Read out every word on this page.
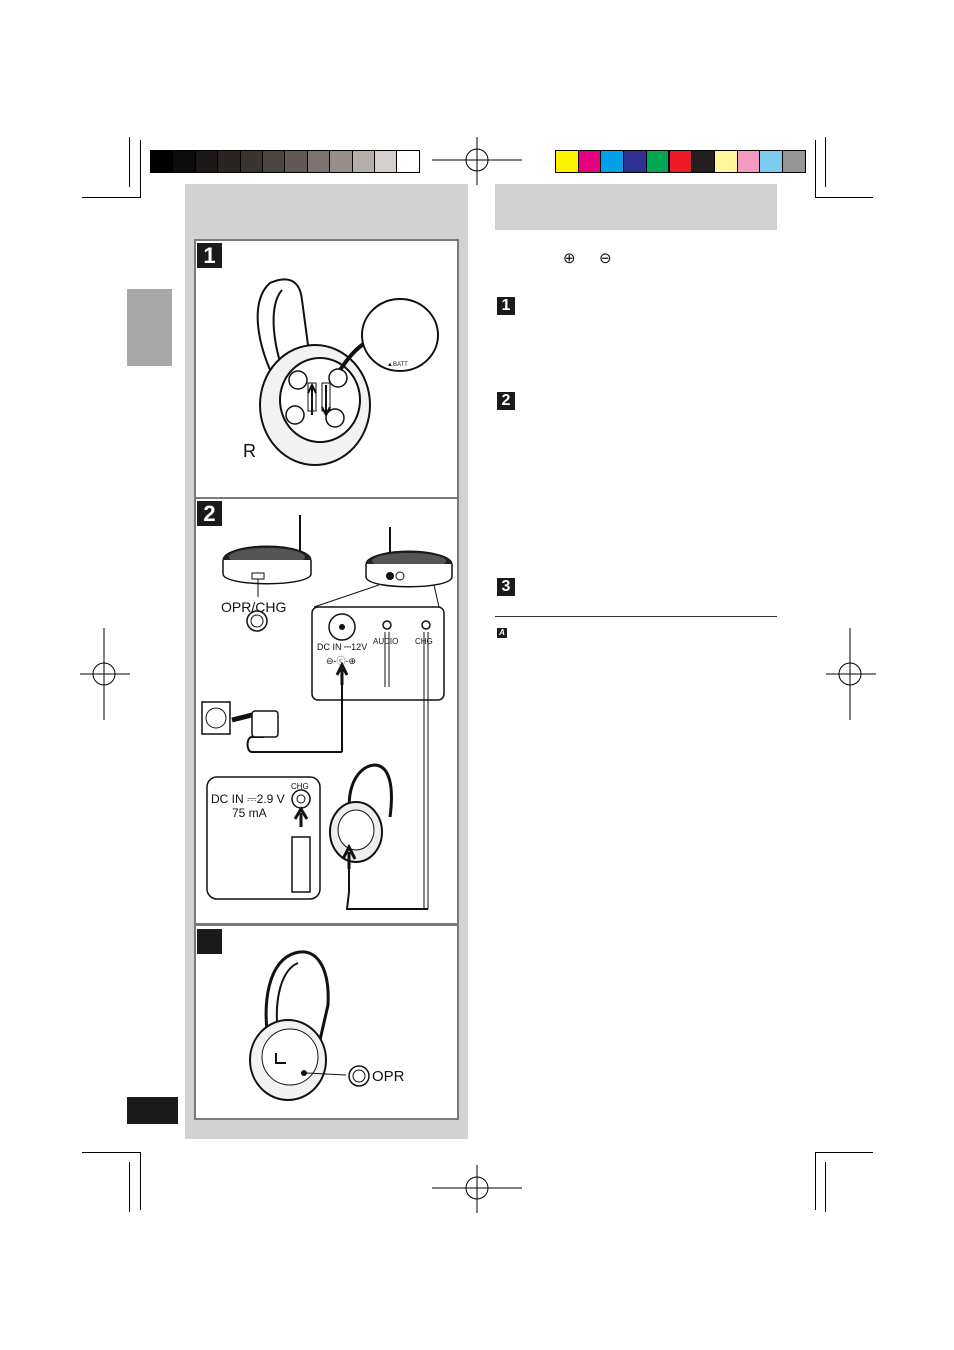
1
▲BATT
R
2
OPR/CHG
DC IN ⎓12V
⊖-ⓒ-⊕
AUDIO CHG
CHG
DC IN ⎓2.9 V
75 mA
OPR
⊕ ⊖
1
2
3
A
